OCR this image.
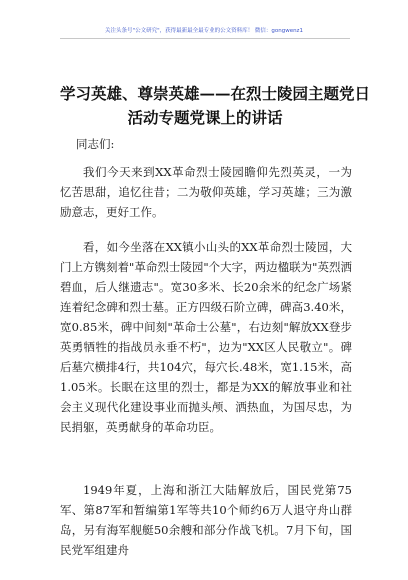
关注头条号"公文研究"，获得最新最全最专业的公文资料库！ 微信：gongwenz1
学习英雄、尊崇英雄——在烈士陵园主题党日
活动专题党课上的讲话
同志们:

我们今天来到XX革命烈士陵园瞻仰先烈英灵，一为忆苦思甜，追忆往昔；二为敬仰英雄，学习英雄；三为激励意志，更好工作。

看，如今坐落在XX镇小山头的XX革命烈士陵园，大门上方镌刻着"革命烈士陵园"个大字，两边楹联为"英烈洒碧血，后人继遗志"。宽30多米、长20余米的纪念广场紧连着纪念碑和烈士墓。正方四级石阶立碑，碑高3.40米，宽0.85米，碑中间刻"革命士公墓"，右边刻"解放XX登步英勇牺牲的指战员永垂不朽"，边为"XX区人民敬立"。碑后墓穴横排4行，共104穴，每穴长.48米，宽1.15米，高1.05米。长眠在这里的烈士，都是为XX的解放事业和社会主义现代化建设事业而抛头颅、洒热血，为国尽忠，为民捐躯，英勇献身的革命功臣。

1949年夏，上海和浙江大陆解放后，国民党第75军、第87军和暂编第1军等共10个师约6万人退守舟山群岛，另有海军舰艇50余艘和部分作战飞机。7月下旬，国民党军组建舟
